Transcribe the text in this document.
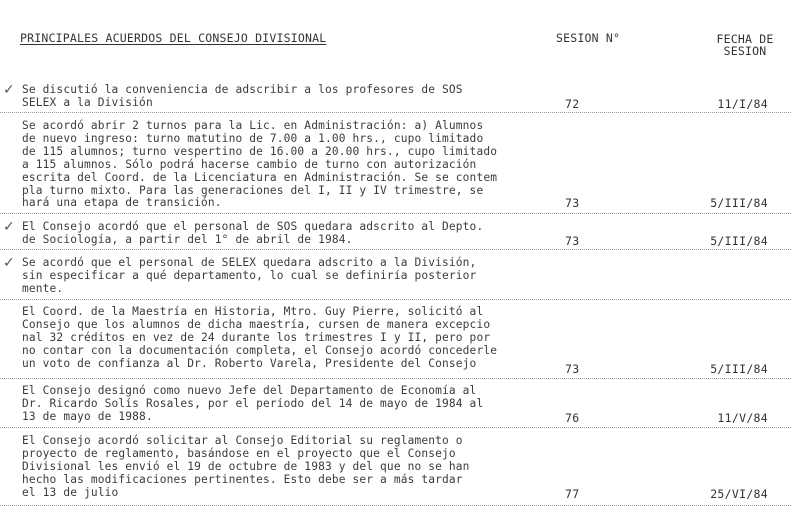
PRINCIPALES ACUERDOS DEL CONSEJO DIVISIONAL	SESION N°	FECHA DE
SESION
✓ Se discutió la conveniencia de adscribir a los profesores de SOS
SELEX a la División	72	11/I/84
Se acordó abrir 2 turnos para la Lic. en Administración: a) Alumnos
de nuevo ingreso: turno matutino de 7.00 a 1.00 hrs., cupo limitado
de 115 alumnos; turno vespertino de 16.00 a 20.00 hrs., cupo limitado
a 115 alumnos. Sólo podrá hacerse cambio de turno con autorización
escrita del Coord. de la Licenciatura en Administración. Se se contem
pla turno mixto. Para las generaciones del I, II y IV trimestre, se
hará una etapa de transición.	73	5/III/84
✓ El Consejo acordó que el personal de SOS quedara adscrito al Depto.
de Sociología, a partir del 1° de abril de 1984.	73	5/III/84
✓ Se acordó que el personal de SELEX quedara adscrito a la División,
sin especificar a qué departamento, lo cual se definiría posterior
mente.
El Coord. de la Maestría en Historia, Mtro. Guy Pierre, solicitó al
Consejo que los alumnos de dicha maestría, cursen de manera excepcio
nal 32 créditos en vez de 24 durante los trimestres I y II, pero por
no contar con la documentación completa, el Consejo acordó concederle
un voto de confianza al Dr. Roberto Varela, Presidente del Consejo	73	5/III/84
El Consejo designó como nuevo Jefe del Departamento de Economía al
Dr. Ricardo Solís Rosales, por el período del 14 de mayo de 1984 al
13 de mayo de 1988.	76	11/V/84
El Consejo acordó solicitar al Consejo Editorial su reglamento o
proyecto de reglamento, basándose en el proyecto que el Consejo
Divisional les envió el 19 de octubre de 1983 y del que no se han
hecho las modificaciones pertinentes. Esto debe ser a más tardar
el 13 de julio	77	25/VI/84
